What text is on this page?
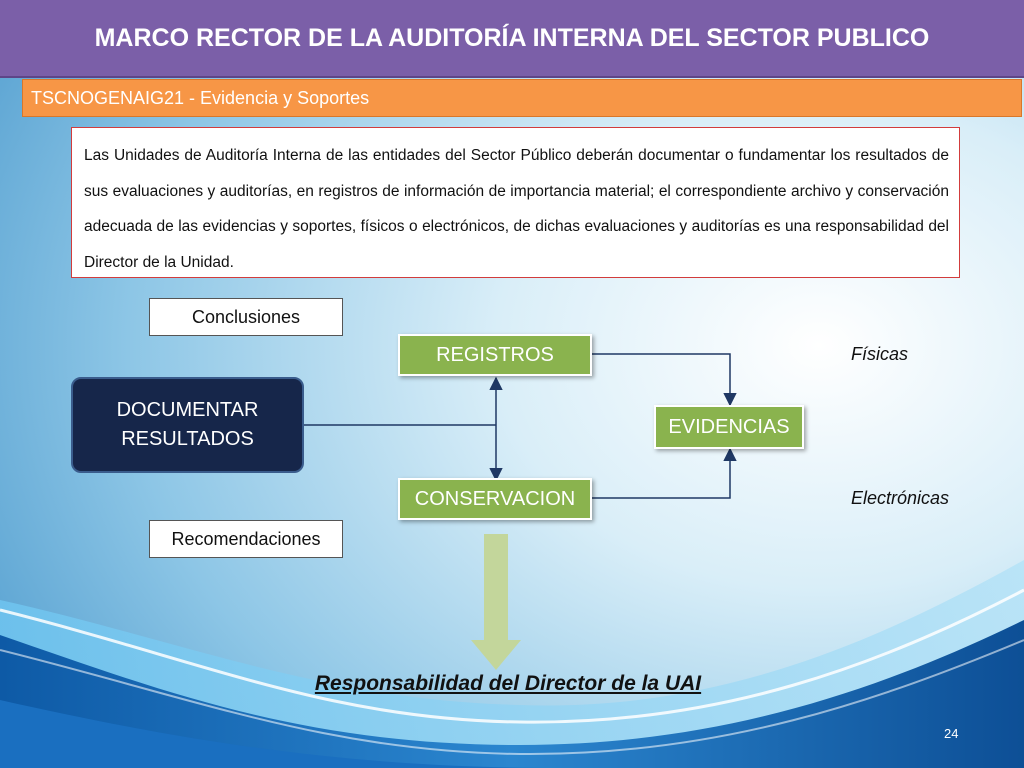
MARCO RECTOR DE LA AUDITORÍA INTERNA DEL SECTOR PUBLICO
TSCNOGENAIG21 - Evidencia y Soportes

Las Unidades de Auditoría Interna de las entidades del Sector Público deberán documentar o fundamentar los resultados de sus evaluaciones y auditorías, en registros de información de importancia material; el correspondiente archivo y conservación adecuada de las evidencias y soportes, físicos o electrónicos, de dichas evaluaciones y auditorías es una responsabilidad del Director de la Unidad.

Conclusiones
Recomendaciones
DOCUMENTAR
RESULTADOS
REGISTROS
CONSERVACION
EVIDENCIAS
Físicas
Electrónicas
Responsabilidad del Director de la UAI
24
